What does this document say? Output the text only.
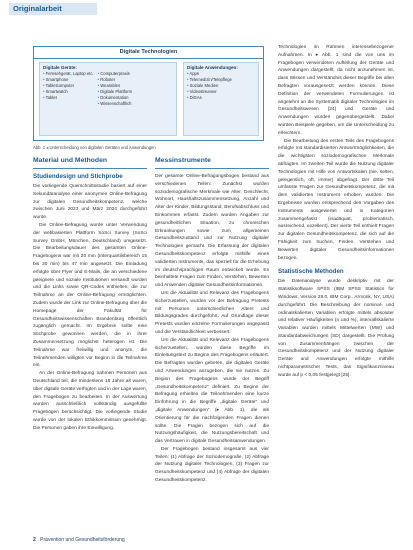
Originalarbeit
Digitale Technologien
Digitale Geräte:
• Fernsehgerät, Laptop etc.
• Smartphone
• Tabletcomputer
• Smartwatch
• Tablet
• Computerpraxis
• Roboter
• Wearables
• Digitale Plattform
• Dokumentation
• Wissenschaftlich
Digitale Anwendungen:
• Apps
• Telemedizin/Telepflege
• Soziale Medien
• Videostreamer
• DiGAs
Abb. 1 ◂ Unterscheidung von digitalen Geräten und Anwendungen
Material und Methoden
Studiendesign und Stichprobe

Die vorliegende Querschnittsstudie basiert auf einer Sekundäranalyse einer anonymen Online-Befragung zur digitalen Gesundheitskompetenz, welche zwischen Juni 2023 und März 2024 durchgeführt wurde.

Die Online-Befragung wurde unter Verwendung der webbasierten Plattform SoSci Survey (SoSci Survey GmbH, München, Deutschland) umgesetzt. Die Bearbeitungsdauer des gesamten Online-Fragebogens war mit 20 min (Interquartilsbereich 15 bis 30 min) bis 47 min angesetzt. Die Einladung erfolgte über Flyer und E-Mails, die an verschiedene geeignete und soziale Institutionen versandt wurden und die Links sowie QR-Codes enthielten, die zur Teilnahme an der Online-Befragung ermöglichten. Zudem wurde der Link zur Online-Befragung über die Homepage der Fakultät für Gesundheitswissenschaften Brandenburg öffentlich zugänglich gemacht. Im Ergebnis sollte eine Stichprobe gewonnen werden, die in ihrer Zusammensetzung möglichst heterogen ist. Die Teilnahme war freiwillig und anonym, die Teilnehmenden willigten vor Beginn in die Teilnahme ein.

An der Online-Befragung nahmen Personen aus Deutschland teil, die mindestens 18 Jahre alt waren, über digitale Geräte verfügten und in der Lage waren, den Fragebogen zu bearbeiten. In der Auswertung wurden ausschließlich vollständig ausgefüllte Fragebögen berücksichtigt. Die vorliegende Studie wurde von der lokalen Ethikkommission genehmigt. Die Personen gaben ihre Einwilligung.

Messinstrumente

Der gesamte Online-Befragungsbogen bestand aus verschiedenen Teilen: Zunächst wurden soziodemografische Merkmale wie Alter, Geschlecht, Wohnort, Haushaltszusammensetzung, Anzahl und Alter der Kinder, Bildungsstand, Berufsabschluss und Einkommen erfasst. Zudem wurden Angaben zur gesundheitlichen Situation, zu chronischen Erkrankungen sowie zum allgemeinen Gesundheitszustand und zur Nutzung digitaler Technologien gemacht. Die Erfassung der digitalen Gesundheitskompetenz erfolgte mithilfe eines validierten Instruments, das speziell für die Erhebung im deutschsprachigen Raum entwickelt wurde. Es beinhaltete Fragen zum Finden, Verstehen, Bewerten und Anwenden digitaler Gesundheitsinformationen.

Um die Aktualität und Relevanz des Fragebogens sicherzustellen, wurden vor der Befragung Pretests mit Personen unterschiedlichen Alters und Bildungsgrades durchgeführt. Auf Grundlage dieser Pretests wurden einzelne Formulierungen angepasst und die Verständlichkeit verbessert.

Um die Aktualität und Relevanz des Fragebogens sicherzustellen, wurden diese Begriffe im Einleitungstext zu Beginn des Fragebogens erläutert. Die Befragten wurden gebeten, die digitalen Geräte und Anwendungen anzugeben, die sie nutzen. Zu Beginn des Fragebogens wurde der Begriff „Gesundheitskompetenz" definiert. Zu Beginn der Befragung erhielten die Teilnehmenden eine kurze Einführung in die Begriffe „digitale Geräte" und „digitale Anwendungen" (▸ Abb. 1), die als Orientierung für die nachfolgenden Fragen dienen sollte. Die Fragen bezogen sich auf die Nutzungshäufigkeit, die Nutzungsbereitschaft und das Vertrauen in digitale Gesundheitsanwendungen.

Der Fragebogen bestand insgesamt aus vier Teilen: (1) Abfrage der Soziodemografie, (2) Abfrage der Nutzung digitaler Technologien, (3) Fragen zur Gesundheitskompetenz und (4) Abfrage der digitalen Gesundheitskompetenz.

Technologien im Rahmen interessebezogener Aufnahmen. In ▸ Abb. 1 sind die von uns im Fragebogen verwendeten Aufteilung der Geräte und Anwendungen dargestellt, da nicht anzunehmen ist, dass Wissen und Verständnis dieser Begriffe bei allen Befragten vorausgesetzt werden können. Diese Definition der verwendeten Formulierungen ist angelehnt an die Systematik digitaler Technologien im Gesundheitswesen [24] und Geräte und Anwendungen wurden gegenübergestellt. Dabei wurden Beispiele gegeben, um die Unterscheidung zu erleichtern.

Die Bearbeitung des ersten Teils des Fragebogens erfolgte mit standardisierten Antwortmöglichkeiten, die die wichtigsten soziodemografischen Merkmale abfragten. Im zweiten Teil wurde die Nutzung digitaler Technologien mit Hilfe von Antwortskalen (nie, selten, gelegentlich, oft, immer) abgefragt. Der dritte Teil umfasste Fragen zur Gesundheitskompetenz, die mit dem validierten Instrument erhoben wurden. Die Ergebnisse wurden entsprechend den Vorgaben des Instruments ausgewertet und in Kategorien zusammengefasst (inadäquat, problematisch, ausreichend, exzellent). Der vierte Teil enthielt Fragen zur digitalen Gesundheitskompetenz, die sich auf die Fähigkeit zum Suchen, Finden, Verstehen und Bewerten digitaler Gesundheitsinformationen bezogen.

Statistische Methoden

Die Datenanalyse wurde deskriptiv mit der Statistiksoftware SPSS (IBM SPSS Statistics for Windows, Version 28.0, IBM Corp., Armonk, NY, USA) durchgeführt. Die Beschreibung der nominal- und ordinalskalierten Variablen erfolgte mittels absoluter und relativer Häufigkeiten (n und %), intervallskalierte Variablen wurden mittels Mittelwerten (MW) und Standardabweichungen (SD) dargestellt. Die Prüfung von Zusammenhängen zwischen der Gesundheitskompetenz und der Nutzung digitaler Geräte und Anwendungen erfolgte mithilfe nichtparametrischer Tests, das Signifikanzniveau wurde auf p < 0,05 festgelegt [25].

2 Prävention und Gesundheitsförderung
